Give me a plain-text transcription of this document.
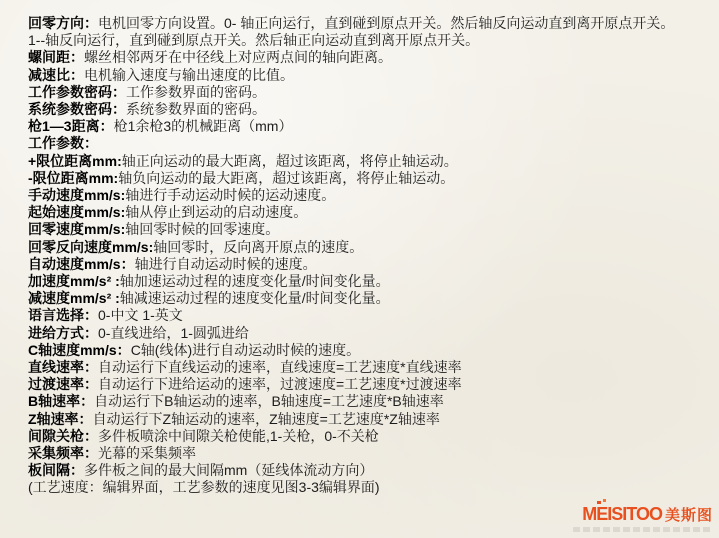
回零方向：电机回零方向设置。0- 轴正向运行，直到碰到原点开关。然后轴反向运动直到离开原点开关。
1--轴反向运行，直到碰到原点开关。然后轴正向运动直到离开原点开关。
螺间距：螺丝相邻两牙在中径线上对应两点间的轴向距离。
减速比：电机输入速度与输出速度的比值。
工作参数密码：工作参数界面的密码。
系统参数密码：系统参数界面的密码。
枪1—3距离：枪1余枪3的机械距离（mm）
工作参数：
+限位距离mm:轴正向运动的最大距离，超过该距离，将停止轴运动。
-限位距离mm:轴负向运动的最大距离，超过该距离，将停止轴运动。
手动速度mm/s:轴进行手动运动时候的运动速度。
起始速度mm/s:轴从停止到运动的启动速度。
回零速度mm/s:轴回零时候的回零速度。
回零反向速度mm/s:轴回零时，反向离开原点的速度。
自动速度mm/s：轴进行自动运动时候的速度。
加速度mm/s² :轴加速运动过程的速度变化量/时间变化量。
减速度mm/s² :轴减速运动过程的速度变化量/时间变化量。
语言选择：0-中文 1-英文
进给方式：0-直线进给，1-圆弧进给
C轴速度mm/s：C轴(线体)进行自动运动时候的速度。
直线速率：自动运行下直线运动的速率，直线速度=工艺速度*直线速率
过渡速率：自动运行下进给运动的速率，过渡速度=工艺速度*过渡速率
B轴速率：自动运行下B轴运动的速率，B轴速度=工艺速度*B轴速率
Z轴速率：自动运行下Z轴运动的速率，Z轴速度=工艺速度*Z轴速率
间隙关枪：多件板喷涂中间隙关枪使能,1-关枪，0-不关枪
采集频率：光幕的采集频率
板间隔：多件板之间的最大间隔mm（延线体流动方向）
(工艺速度：编辑界面，工艺参数的速度见图3-3编辑界面)
MEISITOO 美斯图
